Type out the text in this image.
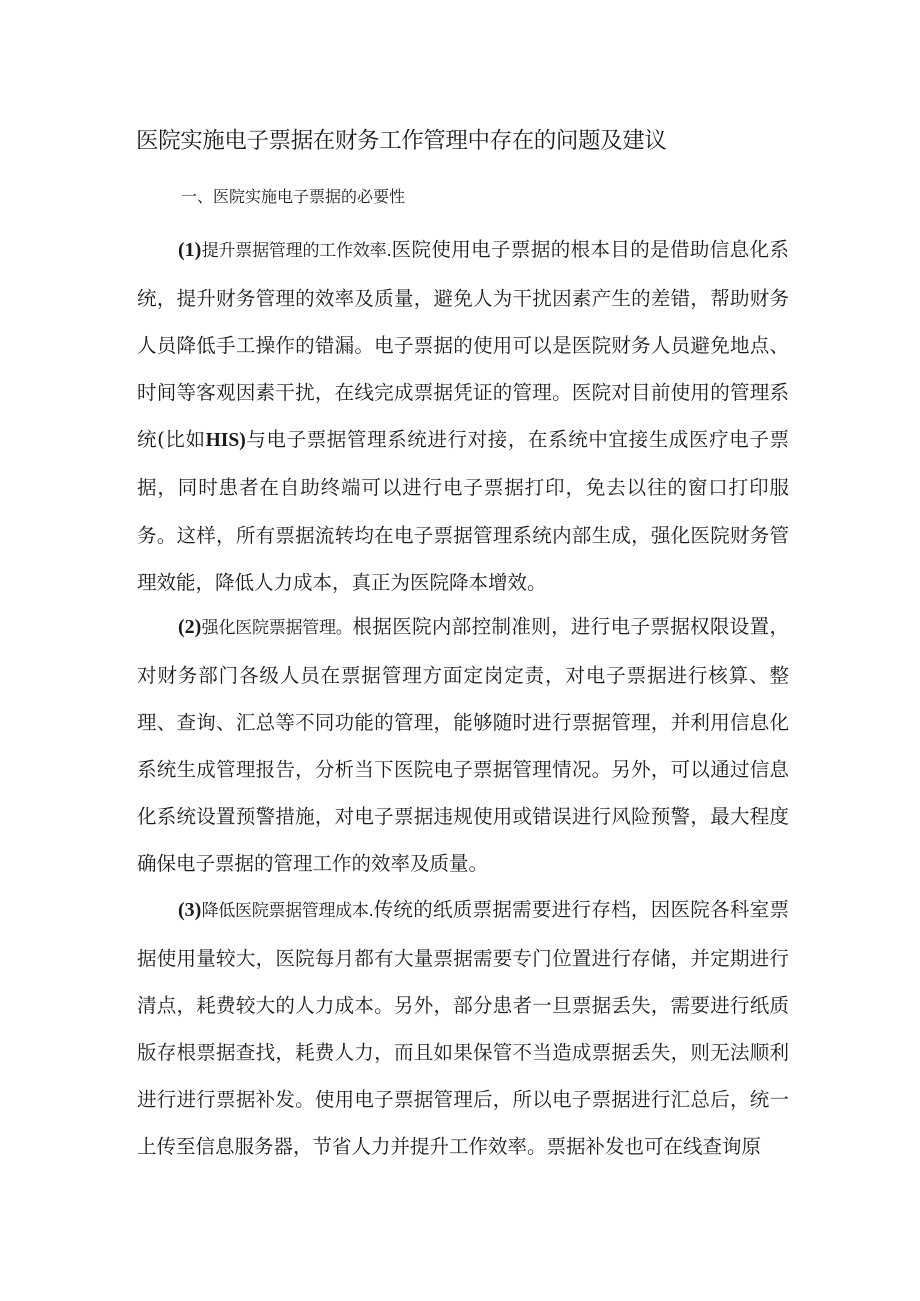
医院实施电子票据在财务工作管理中存在的问题及建议
一、医院实施电子票据的必要性

(1)提升票据管理的工作效率.医院使用电子票据的根本目的是借助信息化系统，提升财务管理的效率及质量，避免人为干扰因素产生的差错，帮助财务人员降低手工操作的错漏。电子票据的使用可以是医院财务人员避免地点、时间等客观因素干扰，在线完成票据凭证的管理。医院对目前使用的管理系统(比如HIS)与电子票据管理系统进行对接，在系统中宜接生成医疗电子票据，同时患者在自助终端可以进行电子票据打印，免去以往的窗口打印服务。这样，所有票据流转均在电子票据管理系统内部生成，强化医院财务管理效能，降低人力成本，真正为医院降本增效。

(2)强化医院票据管理。根据医院内部控制准则，进行电子票据权限设置，对财务部门各级人员在票据管理方面定岗定责，对电子票据进行核算、整理、查询、汇总等不同功能的管理，能够随时进行票据管理，并利用信息化系统生成管理报告，分析当下医院电子票据管理情况。另外，可以通过信息化系统设置预警措施，对电子票据违规使用或错误进行风险预警，最大程度确保电子票据的管理工作的效率及质量。

(3)降低医院票据管理成本.传统的纸质票据需要进行存档，因医院各科室票据使用量较大，医院每月都有大量票据需要专门位置进行存储，并定期进行清点，耗费较大的人力成本。另外，部分患者一旦票据丢失，需要进行纸质版存根票据查找，耗费人力，而且如果保管不当造成票据丢失，则无法顺利进行进行票据补发。使用电子票据管理后，所以电子票据进行汇总后，统一上传至信息服务器，节省人力并提升工作效率。票据补发也可在线查询原
